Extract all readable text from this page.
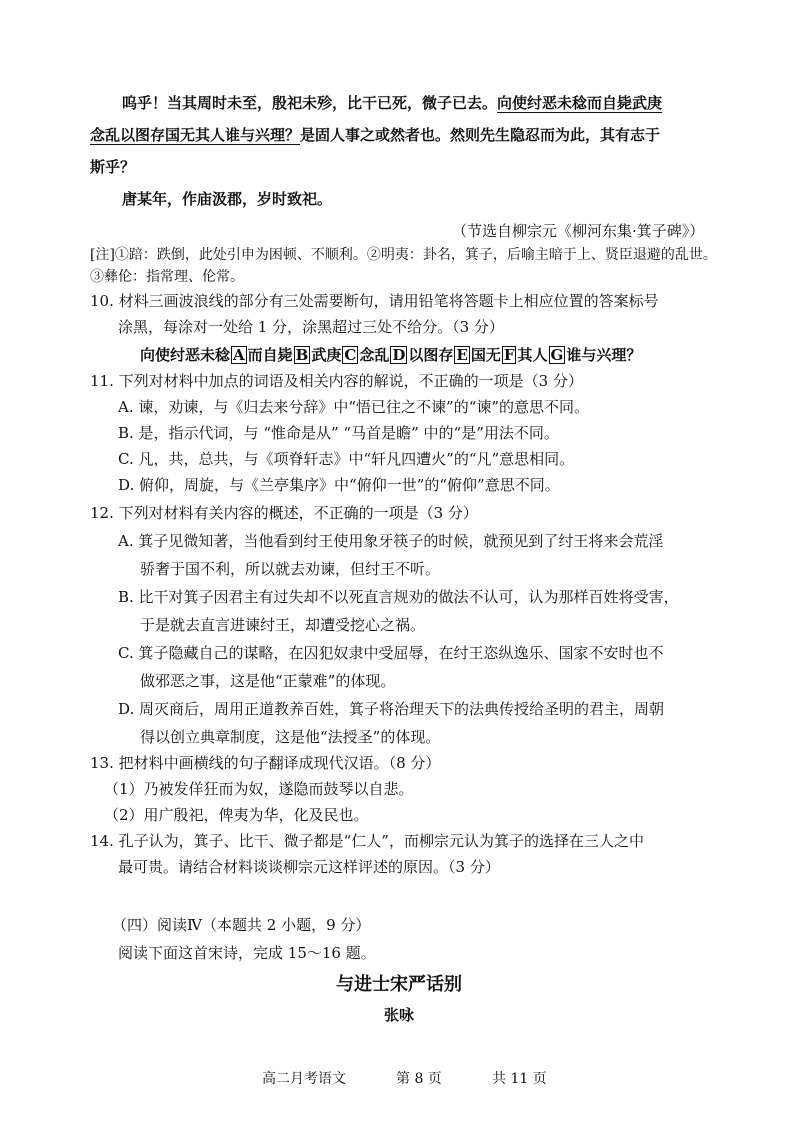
呜乎！当其周时未至，殷祀未殄，比干已死，微子已去。向使纣恶未稔而自毙武庚
念乱以图存国无其人谁与兴理？是固人事之或然者也。然则先生隐忍而为此，其有志于
斯乎？
唐某年，作庙汲郡，岁时致祀。
（节选自柳宗元《柳河东集·箕子碑》）
[注]①踣：跌倒，此处引申为困顿、不顺利。②明夷：卦名，箕子，后喻主暗于上、贤臣退避的乱世。
③彝伦：指常理、伦常。
10. 材料三画波浪线的部分有三处需要断句，请用铅笔将答题卡上相应位置的答案标号
涂黑，每涂对一处给 1 分，涂黑超过三处不给分。（3 分）
向使纣恶未稔 A 而自毙 B 武庚 C 念乱 D 以图存 E 国无 F 其人 G 谁与兴理？
11. 下列对材料中加点的词语及相关内容的解说，不正确的一项是（3 分）
A. 谏，劝谏，与《归去来兮辞》中“悟已往之不谏”的“谏”的意思不同。
B. 是，指示代词，与 “惟命是从” “马首是瞻” 中的“是”用法不同。
C. 凡，共，总共，与《项脊轩志》中“轩凡四遭火”的“凡”意思相同。
D. 俯仰，周旋，与《兰亭集序》中“俯仰一世”的“俯仰”意思不同。
12. 下列对材料有关内容的概述，不正确的一项是（3 分）
A. 箕子见微知著，当他看到纣王使用象牙筷子的时候，就预见到了纣王将来会荒淫
骄奢于国不利，所以就去劝谏，但纣王不听。
B. 比干对箕子因君主有过失却不以死直言规劝的做法不认可，认为那样百姓将受害，
于是就去直言进谏纣王，却遭受挖心之祸。
C. 箕子隐藏自己的谋略，在囚犯奴隶中受屈辱，在纣王恣纵逸乐、国家不安时也不
做邪恶之事，这是他“正蒙难”的体现。
D. 周灭商后，周用正道教养百姓，箕子将治理天下的法典传授给圣明的君主，周朝
得以创立典章制度，这是他“法授圣”的体现。
13. 把材料中画横线的句子翻译成现代汉语。（8 分）
（1）乃被发佯狂而为奴，遂隐而鼓琴以自悲。
（2）用广殷祀，俾夷为华，化及民也。
14. 孔子认为，箕子、比干、微子都是“仁人”，而柳宗元认为箕子的选择在三人之中
最可贵。请结合材料谈谈柳宗元这样评述的原因。（3 分）
（四）阅读Ⅳ（本题共 2 小题，9 分）
阅读下面这首宋诗，完成 15～16 题。
与进士宋严话别
张咏
高二月考语文	第 8 页	共 11 页
